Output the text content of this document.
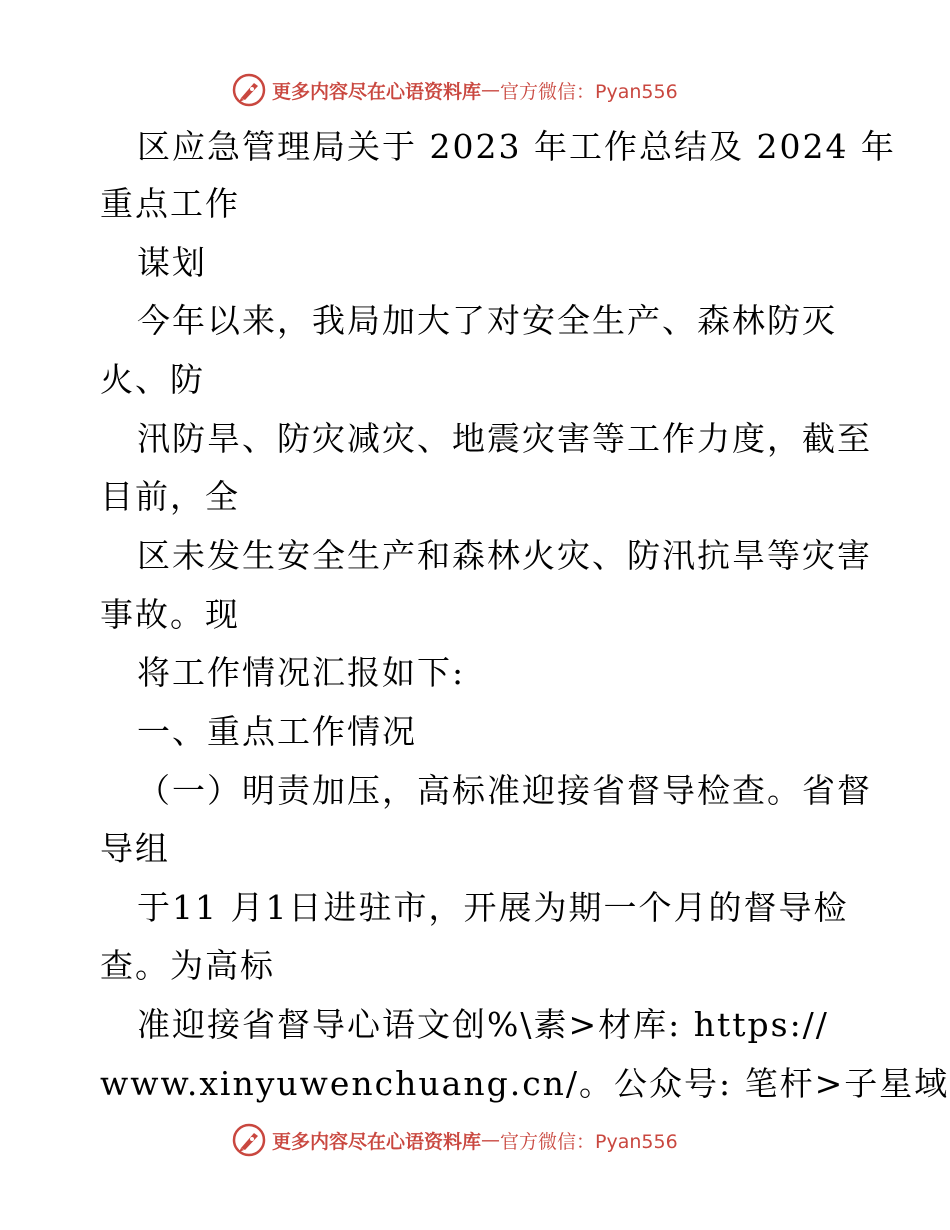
更多内容尽在心语资料库 — 官方微信：Pyan556
区应急管理局关于 2023 年工作总结及 2024 年
重点工作
谋划
今年以来，我局加大了对安全生产、森林防灭
火、防
汛防旱、防灾减灾、地震灾害等工作力度，截至
目前，全
区未发生安全生产和森林火灾、防汛抗旱等灾害
事故。现
将工作情况汇报如下:
一、重点工作情况
（一）明责加压，高标准迎接省督导检查。省督
导组
于11 月1日进驻市，开展为期一个月的督导检
查。为高标
准迎接省督导心语文创%\素>材库: https://
www.xinyuwenchuang.cn/。公众号: 笔杆>子星域
更多内容尽在心语资料库 — 官方微信：Pyan556
